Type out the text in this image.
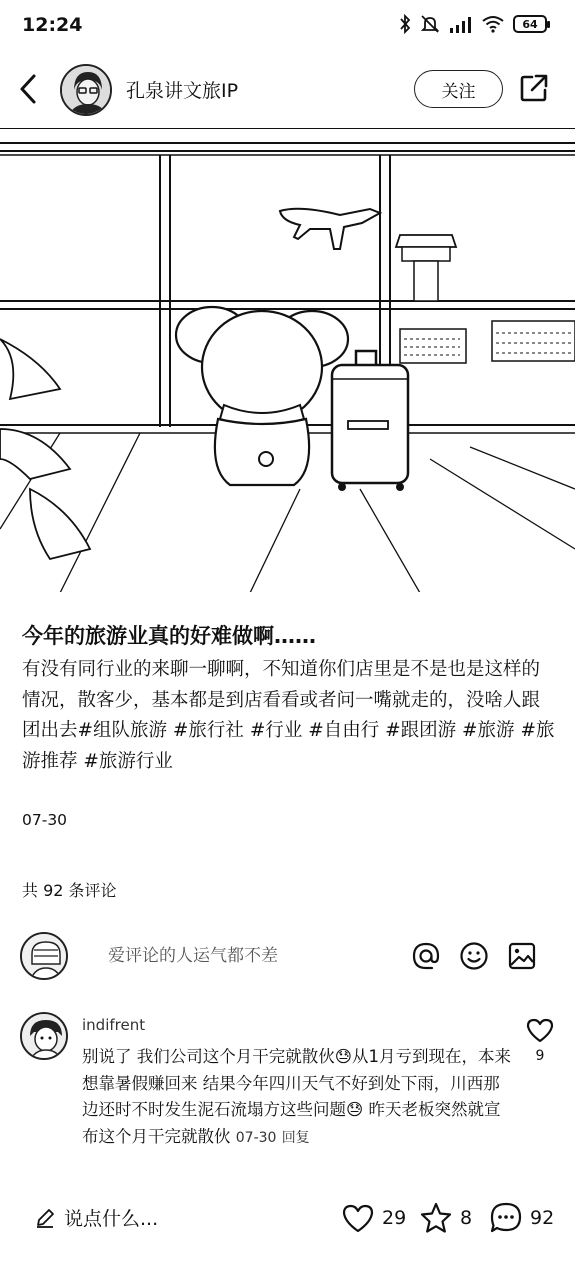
12:24	64
孔泉讲文旅IP	关注
今年的旅游业真的好难做啊……
有没有同行业的来聊一聊啊，不知道你们店里是不是也是这样的情况，散客少，基本都是到店看看或者问一嘴就走的，没啥人跟团出去#组队旅游 #旅行社 #行业 #自由行 #跟团游 #旅游 #旅游推荐 #旅游行业
07-30
共 92 条评论
爱评论的人运气都不差
indifrent
别说了 我们公司这个月干完就散伙😓从1月亏到现在，本来想靠暑假赚回来 结果今年四川天气不好到处下雨，川西那边还时不时发生泥石流塌方这些问题😓 昨天老板突然就宣布这个月干完就散伙 07-30 回复
9
说点什么...	29	8	92
